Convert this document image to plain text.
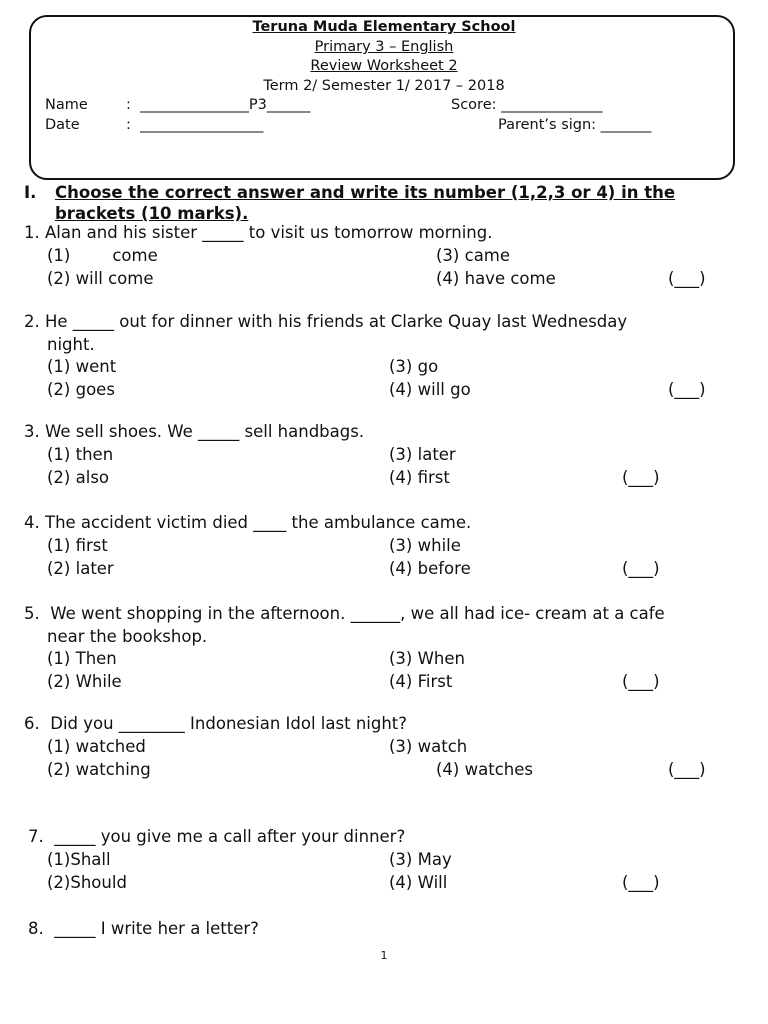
Teruna Muda Elementary School
Primary 3 – English
Review Worksheet 2
Term 2/ Semester 1/ 2017 – 2018
Name	:  _______________P3______	Score: ______________
Date	:  _________________	Parent’s sign: _______
I. Choose the correct answer and write its number (1,2,3 or 4) in the brackets (10 marks).
1. Alan and his sister _____ to visit us tomorrow morning.
(1)        come	(3) came
(2) will come	(4) have come	(___)
2. He _____ out for dinner with his friends at Clarke Quay last Wednesday
night.
(1) went	(3) go
(2) goes	(4) will go	(___)
3. We sell shoes. We _____ sell handbags.
(1) then	(3) later
(2) also	(4) first	(___)
4. The accident victim died ____ the ambulance came.
(1) first	(3) while
(2) later	(4) before	(___)
5.  We went shopping in the afternoon. ______, we all had ice- cream at a cafe
near the bookshop.
(1) Then	(3) When
(2) While	(4) First	(___)
6.  Did you ________ Indonesian Idol last night?
(1) watched	(3) watch
(2) watching	(4) watches	(___)
7.  _____ you give me a call after your dinner?
(1)Shall	(3) May
(2)Should	(4) Will	(___)
8.  _____ I write her a letter?
1
